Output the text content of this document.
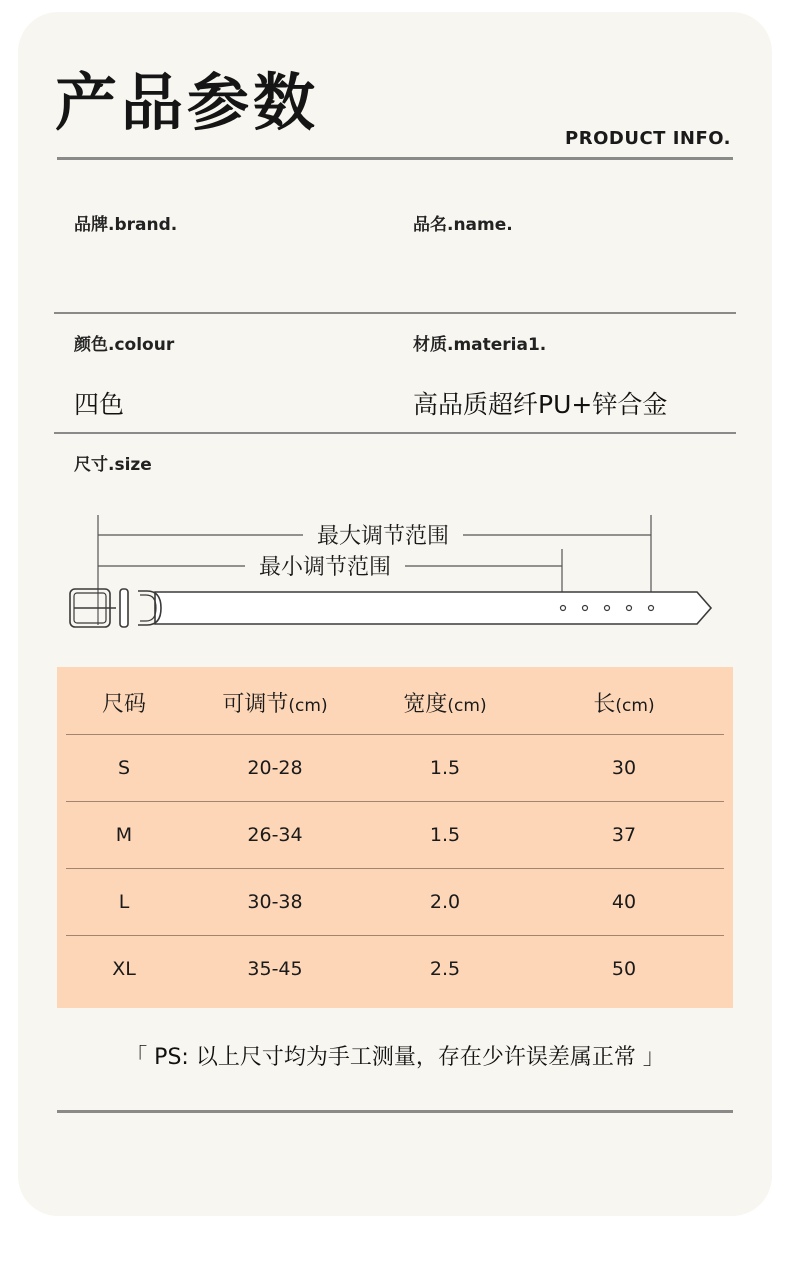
产品参数	PRODUCT INFO.
品牌.brand.	品名.name.
颜色.colour
四色
材质.materia1.
高品质超纤PU+锌合金
尺寸.size
最大调节范围
最小调节范围
尺码	可调节(cm)	宽度(cm)	长(cm)
S	20-28	1.5	30
M	26-34	1.5	37
L	30-38	2.0	40
XL	35-45	2.5	50
「 PS: 以上尺寸均为手工测量，存在少许误差属正常 」
